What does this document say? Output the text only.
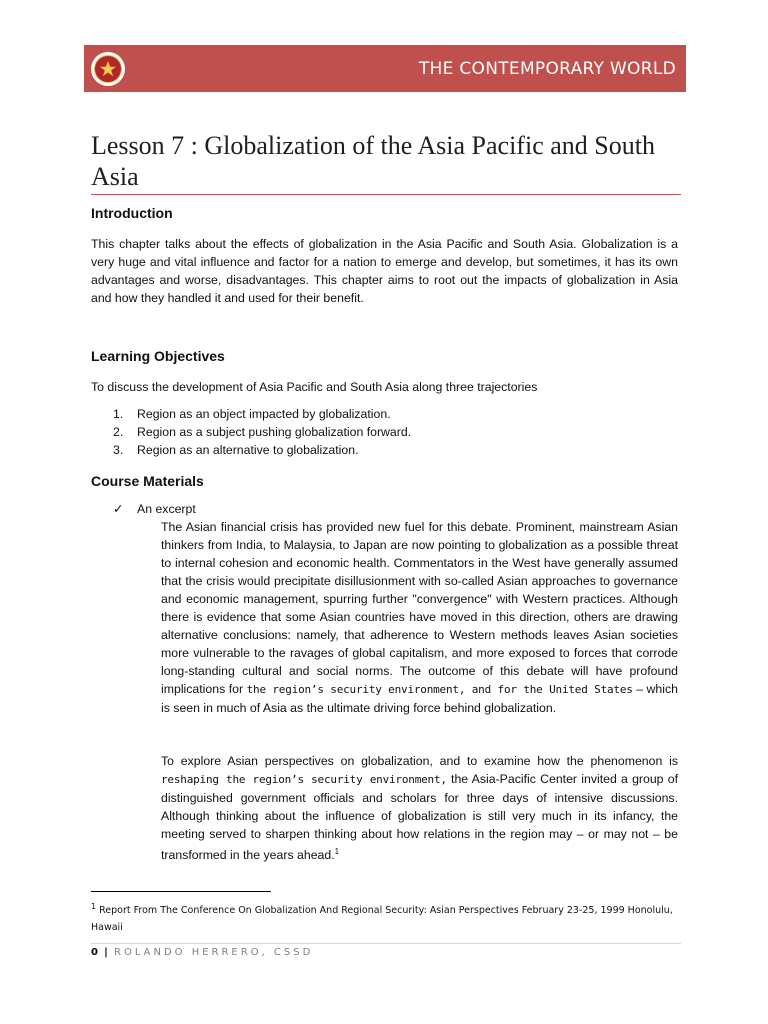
THE CONTEMPORARY WORLD
Lesson 7 : Globalization of the Asia Pacific and South Asia
Introduction

This chapter talks about the effects of globalization in the Asia Pacific and South Asia. Globalization is a very huge and vital influence and factor for a nation to emerge and develop, but sometimes, it has its own advantages and worse, disadvantages. This chapter aims to root out the impacts of globalization in Asia and how they handled it and used for their benefit.

Learning Objectives

To discuss the development of Asia Pacific and South Asia along three trajectories

1.	Region as an object impacted by globalization.
2.	Region as a subject pushing globalization forward.
3.	Region as an alternative to globalization.
Course Materials
✓	An excerpt

The Asian financial crisis has provided new fuel for this debate. Prominent, mainstream Asian thinkers from India, to Malaysia, to Japan are now pointing to globalization as a possible threat to internal cohesion and economic health. Commentators in the West have generally assumed that the crisis would precipitate disillusionment with so-called Asian approaches to governance and economic management, spurring further "convergence" with Western practices. Although there is evidence that some Asian countries have moved in this direction, others are drawing alternative conclusions: namely, that adherence to Western methods leaves Asian societies more vulnerable to the ravages of global capitalism, and more exposed to forces that corrode long-standing cultural and social norms. The outcome of this debate will have profound implications for the region’s security environment, and for the United States – which is seen in much of Asia as the ultimate driving force behind globalization.

To explore Asian perspectives on globalization, and to examine how the phenomenon is reshaping the region’s security environment, the Asia-Pacific Center invited a group of distinguished government officials and scholars for three days of intensive discussions. Although thinking about the influence of globalization is still very much in its infancy, the meeting served to sharpen thinking about how relations in the region may – or may not – be transformed in the years ahead.$^1$

$^1$ Report From The Conference On Globalization And Regional Security: Asian Perspectives February 23-25, 1999 Honolulu, Hawaii
0 | ROLANDO HERRERO, CSSD
